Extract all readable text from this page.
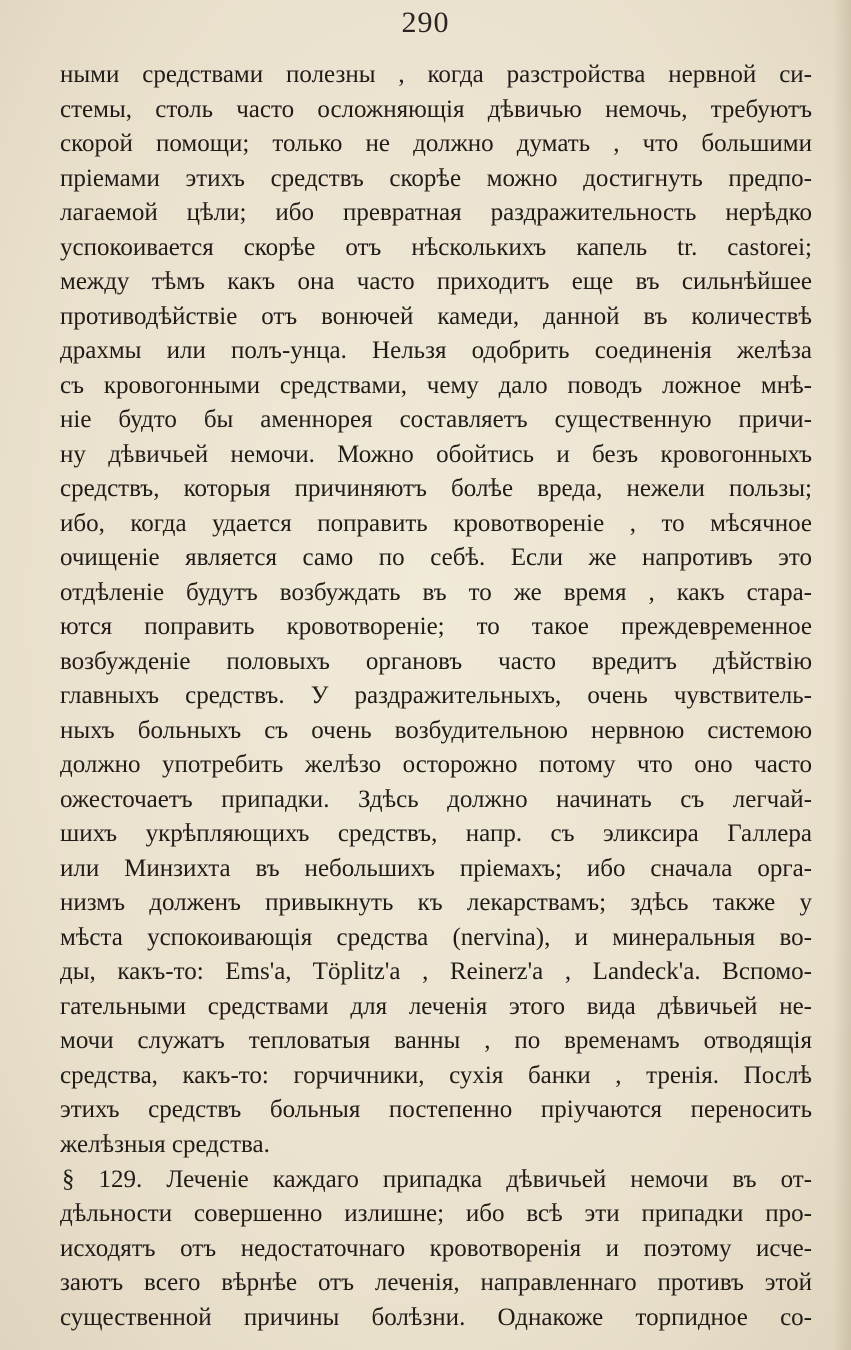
290
ными средствами полезны , когда разстройства нервной си-
стемы, столь часто осложняющія дѣвичью немочь, требуютъ
скорой помощи; только не должно думать , что большими
пріемами этихъ средствъ скорѣе можно достигнуть предпо-
лагаемой цѣли; ибо превратная раздражительность нерѣдко
успокоивается скорѣе отъ нѣсколькихъ капель tr. castorei;
между тѣмъ какъ она часто приходитъ еще въ сильнѣйшее
противодѣйствіе отъ вонючей камеди, данной въ количествѣ
драхмы или полъ-унца. Нельзя одобрить соединенія желѣза
съ кровогонными средствами, чему дало поводъ ложное мнѣ-
ніе будто бы аменнорея составляетъ существенную причи-
ну дѣвичьей немочи. Можно обойтись и безъ кровогонныхъ
средствъ, которыя причиняютъ болѣе вреда, нежели пользы;
ибо, когда удается поправить кровотвореніе , то мѣсячное
очищеніе является само по себѣ. Если же напротивъ это
отдѣленіе будутъ возбуждать въ то же время , какъ стара-
ются поправить кровотвореніе; то такое преждевременное
возбужденіе половыхъ органовъ часто вредитъ дѣйствію
главныхъ средствъ. У раздражительныхъ, очень чувствитель-
ныхъ больныхъ съ очень возбудительною нервною системою
должно употребить желѣзо осторожно потому что оно часто
ожесточаетъ припадки. Здѣсь должно начинать съ легчай-
шихъ укрѣпляющихъ средствъ, напр. съ эликсира Галлера
или Минзихта въ небольшихъ пріемахъ; ибо сначала орга-
низмъ долженъ привыкнуть къ лекарствамъ; здѣсь также у
мѣста успокоивающія средства (nervina), и минеральныя во-
ды, какъ-то: Ems'a, Töplitz'a , Reinerz'a , Landeck'a. Вспомо-
гательными средствами для леченія этого вида дѣвичьей не-
мочи служатъ тепловатыя ванны , по временамъ отводящія
средства, какъ-то: горчичники, сухія банки , тренія. Послѣ
этихъ средствъ больныя постепенно пріучаются переносить
желѣзныя средства.
§ 129. Леченіе каждаго припадка дѣвичьей немочи въ от-
дѣльности совершенно излишне; ибо всѣ эти припадки про-
исходятъ отъ недостаточнаго кровотворенія и поэтому исче-
заютъ всего вѣрнѣе отъ леченія, направленнаго противъ этой
существенной причины болѣзни. Однакоже торпидное со-
